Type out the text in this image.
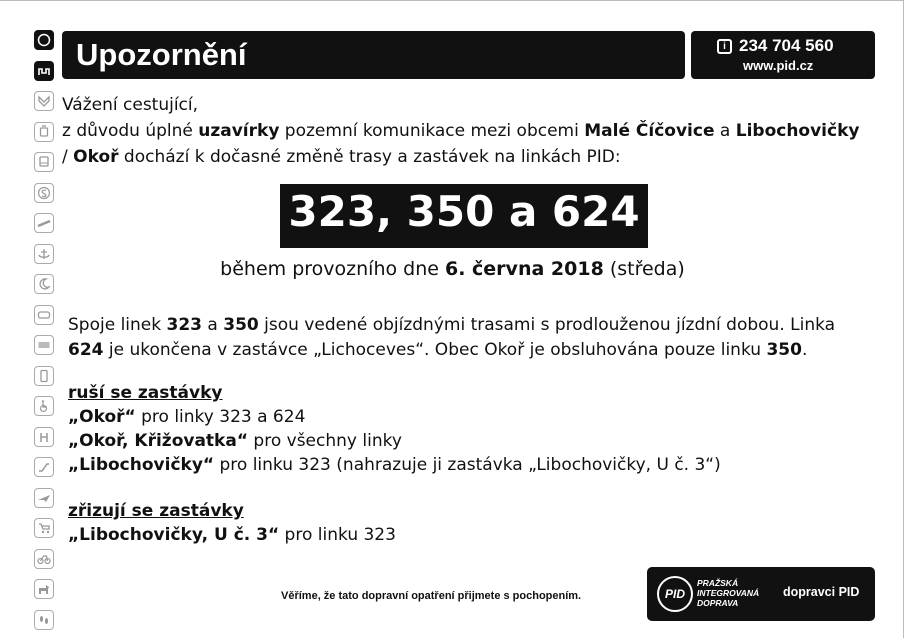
Upozornění	i 234 704 560
www.pid.cz
Vážení cestující,
z důvodu úplné uzavírky pozemní komunikace mezi obcemi Malé Číčovice a Libochovičky
/ Okoř dochází k dočasné změně trasy a zastávek na linkách PID:
323, 350 a 624
během provozního dne 6. června 2018 (středa)
Spoje linek 323 a 350 jsou vedené objízdnými trasami s prodlouženou jízdní dobou. Linka 624 je ukončena v zastávce „Lichoceves“. Obec Okoř je obsluhována pouze linku 350.
ruší se zastávky
„Okoř“ pro linky 323 a 624
„Okoř, Křižovatka“ pro všechny linky
„Libochovičky“ pro linku 323 (nahrazuje ji zastávka „Libochovičky, U č. 3“)
zřizují se zastávky
„Libochovičky, U č. 3“ pro linku 323
Věříme, že tato dopravní opatření přijmete s pochopením.	PID
PRAŽSKÁ
INTEGROVANÁ
DOPRAVA
dopravci PID
